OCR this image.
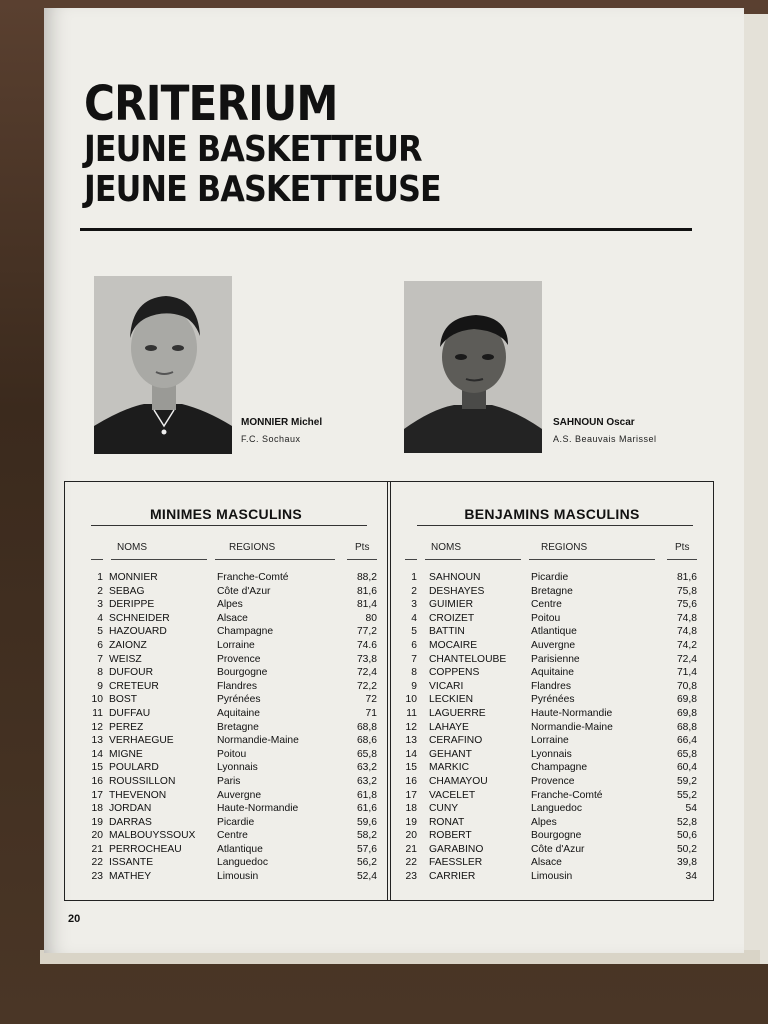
CRITERIUM
JEUNE BASKETTEUR
JEUNE BASKETTEUSE
MONNIER Michel
F.C. Sochaux
SAHNOUN Oscar
A.S. Beauvais Marissel
MINIMES MASCULINS
NOMS	REGIONS	Pts
1 MONNIER	Franche-Comté	88,2
2 SEBAG	Côte d'Azur	81,6
3 DERIPPE	Alpes	81,4
4 SCHNEIDER	Alsace	80
5 HAZOUARD	Champagne	77,2
6 ZAIONZ	Lorraine	74.6
7 WEISZ	Provence	73,8
8 DUFOUR	Bourgogne	72,4
9 CRETEUR	Flandres	72,2
10 BOST	Pyrénées	72
11 DUFFAU	Aquitaine	71
12 PEREZ	Bretagne	68,8
13 VERHAEGUE	Normandie-Maine	68,6
14 MIGNE	Poitou	65,8
15 POULARD	Lyonnais	63,2
16 ROUSSILLON	Paris	63,2
17 THEVENON	Auvergne	61,8
18 JORDAN	Haute-Normandie	61,6
19 DARRAS	Picardie	59,6
20 MALBOUYSSOUX Centre	58,2
21 PERROCHEAU	Atlantique	57,6
22 ISSANTE	Languedoc	56,2
23 MATHEY	Limousin	52,4
BENJAMINS MASCULINS
NOMS	REGIONS	Pts
1 SAHNOUN	Picardie	81,6
2 DESHAYES	Bretagne	75,8
3 GUIMIER	Centre	75,6
4 CROIZET	Poitou	74,8
5 BATTIN	Atlantique	74,8
6 MOCAIRE	Auvergne	74,2
7 CHANTELOUBE Parisienne	72,4
8 COPPENS	Aquitaine	71,4
9 VICARI	Flandres	70,8
10 LECKIEN	Pyrénées	69,8
11 LAGUERRE	Haute-Normandie	69,8
12 LAHAYE	Normandie-Maine	68,8
13 CERAFINO	Lorraine	66,4
14 GEHANT	Lyonnais	65,8
15 MARKIC	Champagne	60,4
16 CHAMAYOU	Provence	59,2
17 VACELET	Franche-Comté	55,2
18 CUNY	Languedoc	54
19 RONAT	Alpes	52,8
20 ROBERT	Bourgogne	50,6
21 GARABINO	Côte d'Azur	50,2
22 FAESSLER	Alsace	39,8
23 CARRIER	Limousin	34
20
